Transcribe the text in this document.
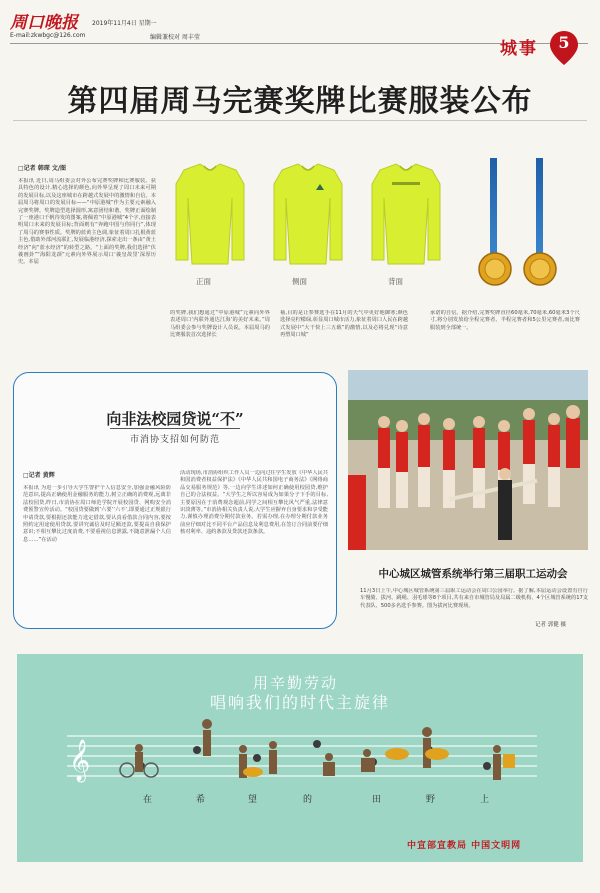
周口晚报 2019年11月4日 星期一
E-mail:zkwbgc@126.com	编辑兼校对 周丰莹
城事	5
第四届周马完赛奖牌比赛服装公布
□记者 韩琛 文/图
本报讯 近日,周马组委会对外公布完赛奖牌和比赛服装。获具特色的设计,精心选择的颜色,向外界呈现了周口未来可期的发展目标,以及这座城市在跨越式发展中的激情和自信。本届周马将周口的发展目标——“中原港城”作为主要元素融入完赛奖牌。奖牌造型选择圆形,寓意团结和谐。奖牌正面绘制了一座港口千帆待发的图案,将佩着“中原港城”4个字,直接表明周口未来的发展目标;背面则有“奔跑中国与你同行”,体现了周马的赛事性质。奖牌的蓝黄主色调,象征着周口扎根黄蓝主色,借助外部河流联汇,发展临港经济,探索走出一条由“黄土经济”向“蓝水经济”的转型之路。“上面的奖牌,我们选择“伏羲画卦”“海阳龙颈”元素向外界展示周口‘羲皇故里’深厚历史。本届
正面	侧面	背面
的奖牌,我们想通过“中原港城”元素向外界表述周口‘内联外通达江海’的美好未来。”周马组委会参与奖牌设计人员说。本届周马的比赛服装首次选择长
袖,目的是让参赛选手在11月的天气中更好地御寒;颜色选择亮柠檬绿,彰显周口城市活力,象征着周口人民在跨越式发展中“大干快上三五载”的激情,以及必将兑现“诗意再塑周口城”
承诺的自信。据介绍,完赛奖牌直径60毫米,70毫米,60毫米3个尺寸,将分别发放给全程完赛者、半程完赛者和5公里完赛者,而比赛服装到全部统一。
向非法校园贷说“不”
市消协支招如何防范
□记者 黄辉
本报讯 为进一步引导大学生警护个人信息安全,加强金融风险防范意识,提高正确使用金融服务的能力,树立正确的消费观,远离非法校园贷,昨日,市消协在周口师范学院开展校园贷、网购安全消费预警宣传活动。“校园贷要做到‘六要’‘六不’,即要通过正规银行申请贷款,要根据还款能力选定借款,要认真看借款合同内容,要按照约定用途使用贷款,要讲究诚信及时足额还款,要提高自我保护意识;不相互攀比过度消费,不要重视信息泄露,不随意泄漏个人信息……”在活动
活动现场,市消协组织工作人员一边向过往学生发放《中华人民共和国消费者权益保护法》《中华人民共和国电子商务法》《网络商品交易服务规范》等,一边向学生讲述如何正确使用校园贷,维护自己的合法权益。“大学生之所以容易成为如果分子下手的目标,主要原因在于消费观念超前,同学之间相互攀比风气严重,法律意识淡薄等。”市消协相关负责人说,大学生应摒弃自身要求和享受能力,谨慎办理消费分期付款业务。若需办理,在办理分期付款业务前应仔细对比不同平台产品信息及利息费用,在签订合同前要仔细核对利率、违约条款及贷款还款条款。
中心城区城管系统举行第三届职工运动会
11月3日上午,中心城区城管系统第三届职工运动会在周口公园举行。据了解,本届运动会设置有自行车慢骑、拔河、跳绳、羽毛球等8个项目,共有来自市城管局及局属二级机构、4个区城管系统的17支代表队、500多名选手参赛。图为拔河比赛现场。
记者 郭健 摄
𝄞
用辛勤劳动
唱响我们的时代主旋律
在	希	望	的	田	野	上
中宣部宣教局 中国文明网
